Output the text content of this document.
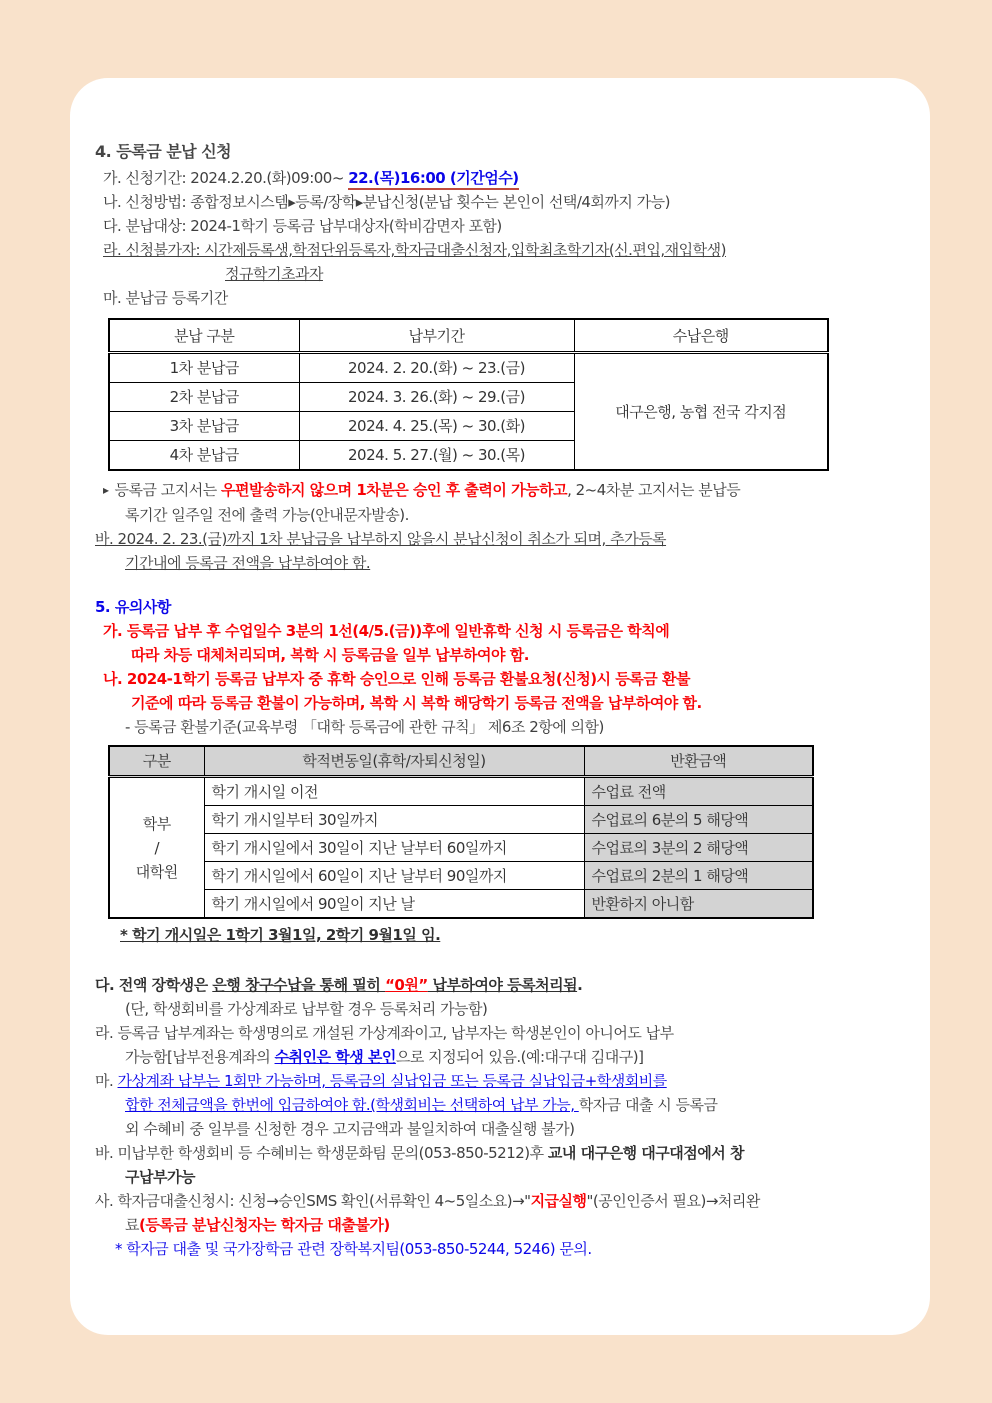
4. 등록금 분납 신청
가. 신청기간: 2024.2.20.(화)09:00~ 22.(목)16:00 (기간엄수)
나. 신청방법: 종합정보시스템▸등록/장학▸분납신청(분납 횟수는 본인이 선택/4회까지 가능)
다. 분납대상: 2024-1학기 등록금 납부대상자(학비감면자 포함)
라. 신청불가자: 시간제등록생,학점단위등록자,학자금대출신청자,입학최초학기자(신.편입,재입학생)
정규학기초과자
마. 분납금 등록기간
분납 구분	납부기간	수납은행
1차 분납금	2024. 2. 20.(화) ~ 23.(금)	대구은행, 농협 전국 각지점
2차 분납금	2024. 3. 26.(화) ~ 29.(금)	
3차 분납금	2024. 4. 25.(목) ~ 30.(화)	
4차 분납금	2024. 5. 27.(월) ~ 30.(목)	
▸ 등록금 고지서는 우편발송하지 않으며 1차분은 승인 후 출력이 가능하고, 2~4차분 고지서는 분납등
록기간 일주일 전에 출력 가능(안내문자발송).
바. 2024. 2. 23.(금)까지 1차 분납금을 납부하지 않을시 분납신청이 취소가 되며, 추가등록
기간내에 등록금 전액을 납부하여야 함.
5. 유의사항
가. 등록금 납부 후 수업일수 3분의 1선(4/5.(금))후에 일반휴학 신청 시 등록금은 학칙에
따라 차등 대체처리되며, 복학 시 등록금을 일부 납부하여야 함.
나. 2024-1학기 등록금 납부자 중 휴학 승인으로 인해 등록금 환불요청(신청)시 등록금 환불
기준에 따라 등록금 환불이 가능하며, 복학 시 복학 해당학기 등록금 전액을 납부하여야 함.
- 등록금 환불기준(교육부령 「대학 등록금에 관한 규칙」 제6조 2항에 의함)
구분	학적변동일(휴학/자퇴신청일)	반환금액

학부
/
대학원	학기 개시일 이전	수업료 전액
	학기 개시일부터 30일까지	수업료의 6분의 5 해당액
	학기 개시일에서 30일이 지난 날부터 60일까지	수업료의 3분의 2 해당액
	학기 개시일에서 60일이 지난 날부터 90일까지	수업료의 2분의 1 해당액
	학기 개시일에서 90일이 지난 날	반환하지 아니함
* 학기 개시일은 1학기 3월1일, 2학기 9월1일 임.
다. 전액 장학생은 은행 창구수납을 통해 필히 “0원” 납부하여야 등록처리됨.
(단, 학생회비를 가상계좌로 납부할 경우 등록처리 가능함)
라. 등록금 납부계좌는 학생명의로 개설된 가상계좌이고, 납부자는 학생본인이 아니어도 납부
가능함[납부전용계좌의 수취인은 학생 본인으로 지정되어 있음.(예:대구대 김대구)]
마. 가상계좌 납부는 1회만 가능하며, 등록금의 실납입금 또는 등록금 실납입금+학생회비를
합한 전체금액을 한번에 입금하여야 함.(학생회비는 선택하여 납부 가능, 학자금 대출 시 등록금
외 수혜비 중 일부를 신청한 경우 고지금액과 불일치하여 대출실행 불가)
바. 미납부한 학생회비 등 수혜비는 학생문화팀 문의(053-850-5212)후 교내 대구은행 대구대점에서 창
구납부가능
사. 학자금대출신청시: 신청→승인SMS 확인(서류확인 4~5일소요)→"지급실행"(공인인증서 필요)→처리완
료(등록금 분납신청자는 학자금 대출불가)
* 학자금 대출 및 국가장학금 관련 장학복지팀(053-850-5244, 5246) 문의.
